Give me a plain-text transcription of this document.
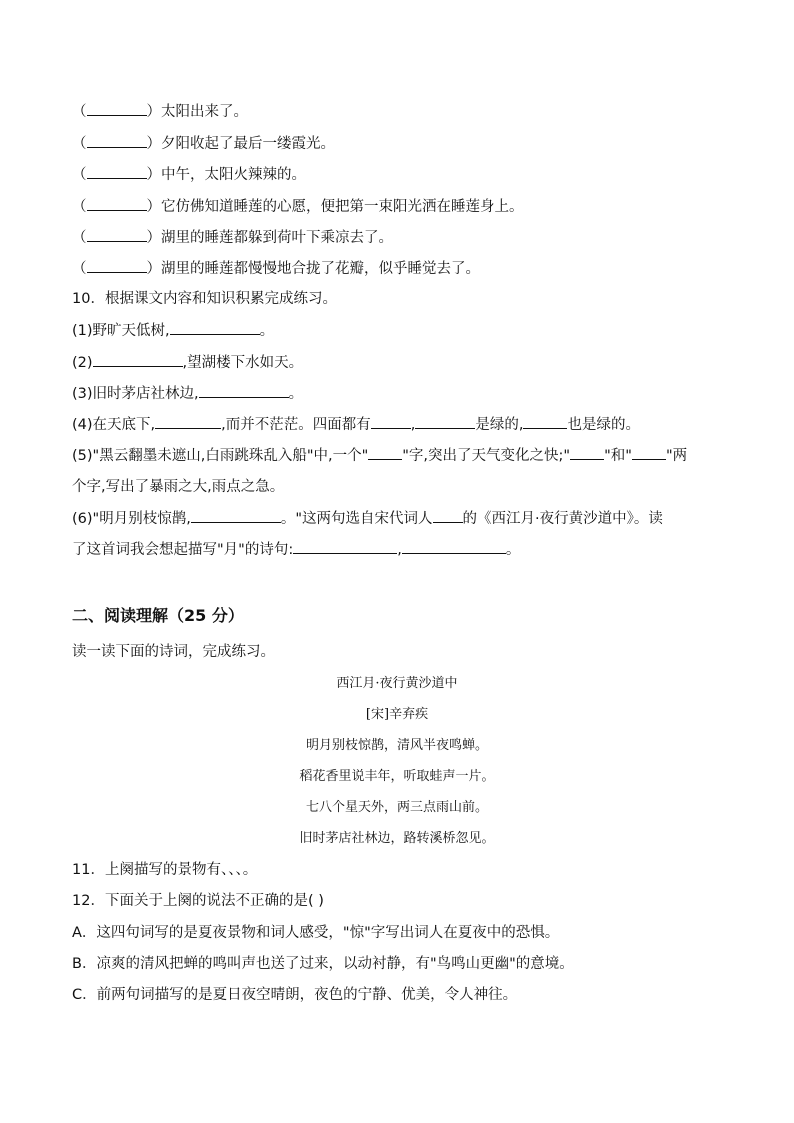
（	）太阳出来了。
（	）夕阳收起了最后一缕霞光。
（	）中午，太阳火辣辣的。
（	）它仿佛知道睡莲的心愿，便把第一束阳光洒在睡莲身上。
（	）湖里的睡莲都躲到荷叶下乘凉去了。
（	）湖里的睡莲都慢慢地合拢了花瓣，似乎睡觉去了。
10．根据课文内容和知识积累完成练习。
(1)野旷天低树,	。
(2)	,望湖楼下水如天。
(3)旧时茅店社林边,	。
(4)在天底下,	,而并不茫茫。四面都有	,	是绿的,	也是绿的。
(5)"黑云翻墨未遮山,白雨跳珠乱入船"中,一个" "字,突出了天气变化之快;" "和" "两
个字,写出了暴雨之大,雨点之急。
(6)"明月别枝惊鹊,	。"这两句选自宋代词人 的《西江月·夜行黄沙道中》。读
了这首词我会想起描写"月"的诗句:	,	。
二、阅读理解（25 分）
读一读下面的诗词，完成练习。
西江月·夜行黄沙道中
[宋]辛弃疾
明月别枝惊鹊，清风半夜鸣蝉。
稻花香里说丰年，听取蛙声一片。
七八个星天外，两三点雨山前。
旧时茅店社林边，路转溪桥忽见。
11．上阕描写的景物有、、、。
12．下面关于上阕的说法不正确的是( )
A．这四句词写的是夏夜景物和词人感受，"惊"字写出词人在夏夜中的恐惧。
B．凉爽的清风把蝉的鸣叫声也送了过来，以动衬静，有"鸟鸣山更幽"的意境。
C．前两句词描写的是夏日夜空晴朗，夜色的宁静、优美，令人神往。
